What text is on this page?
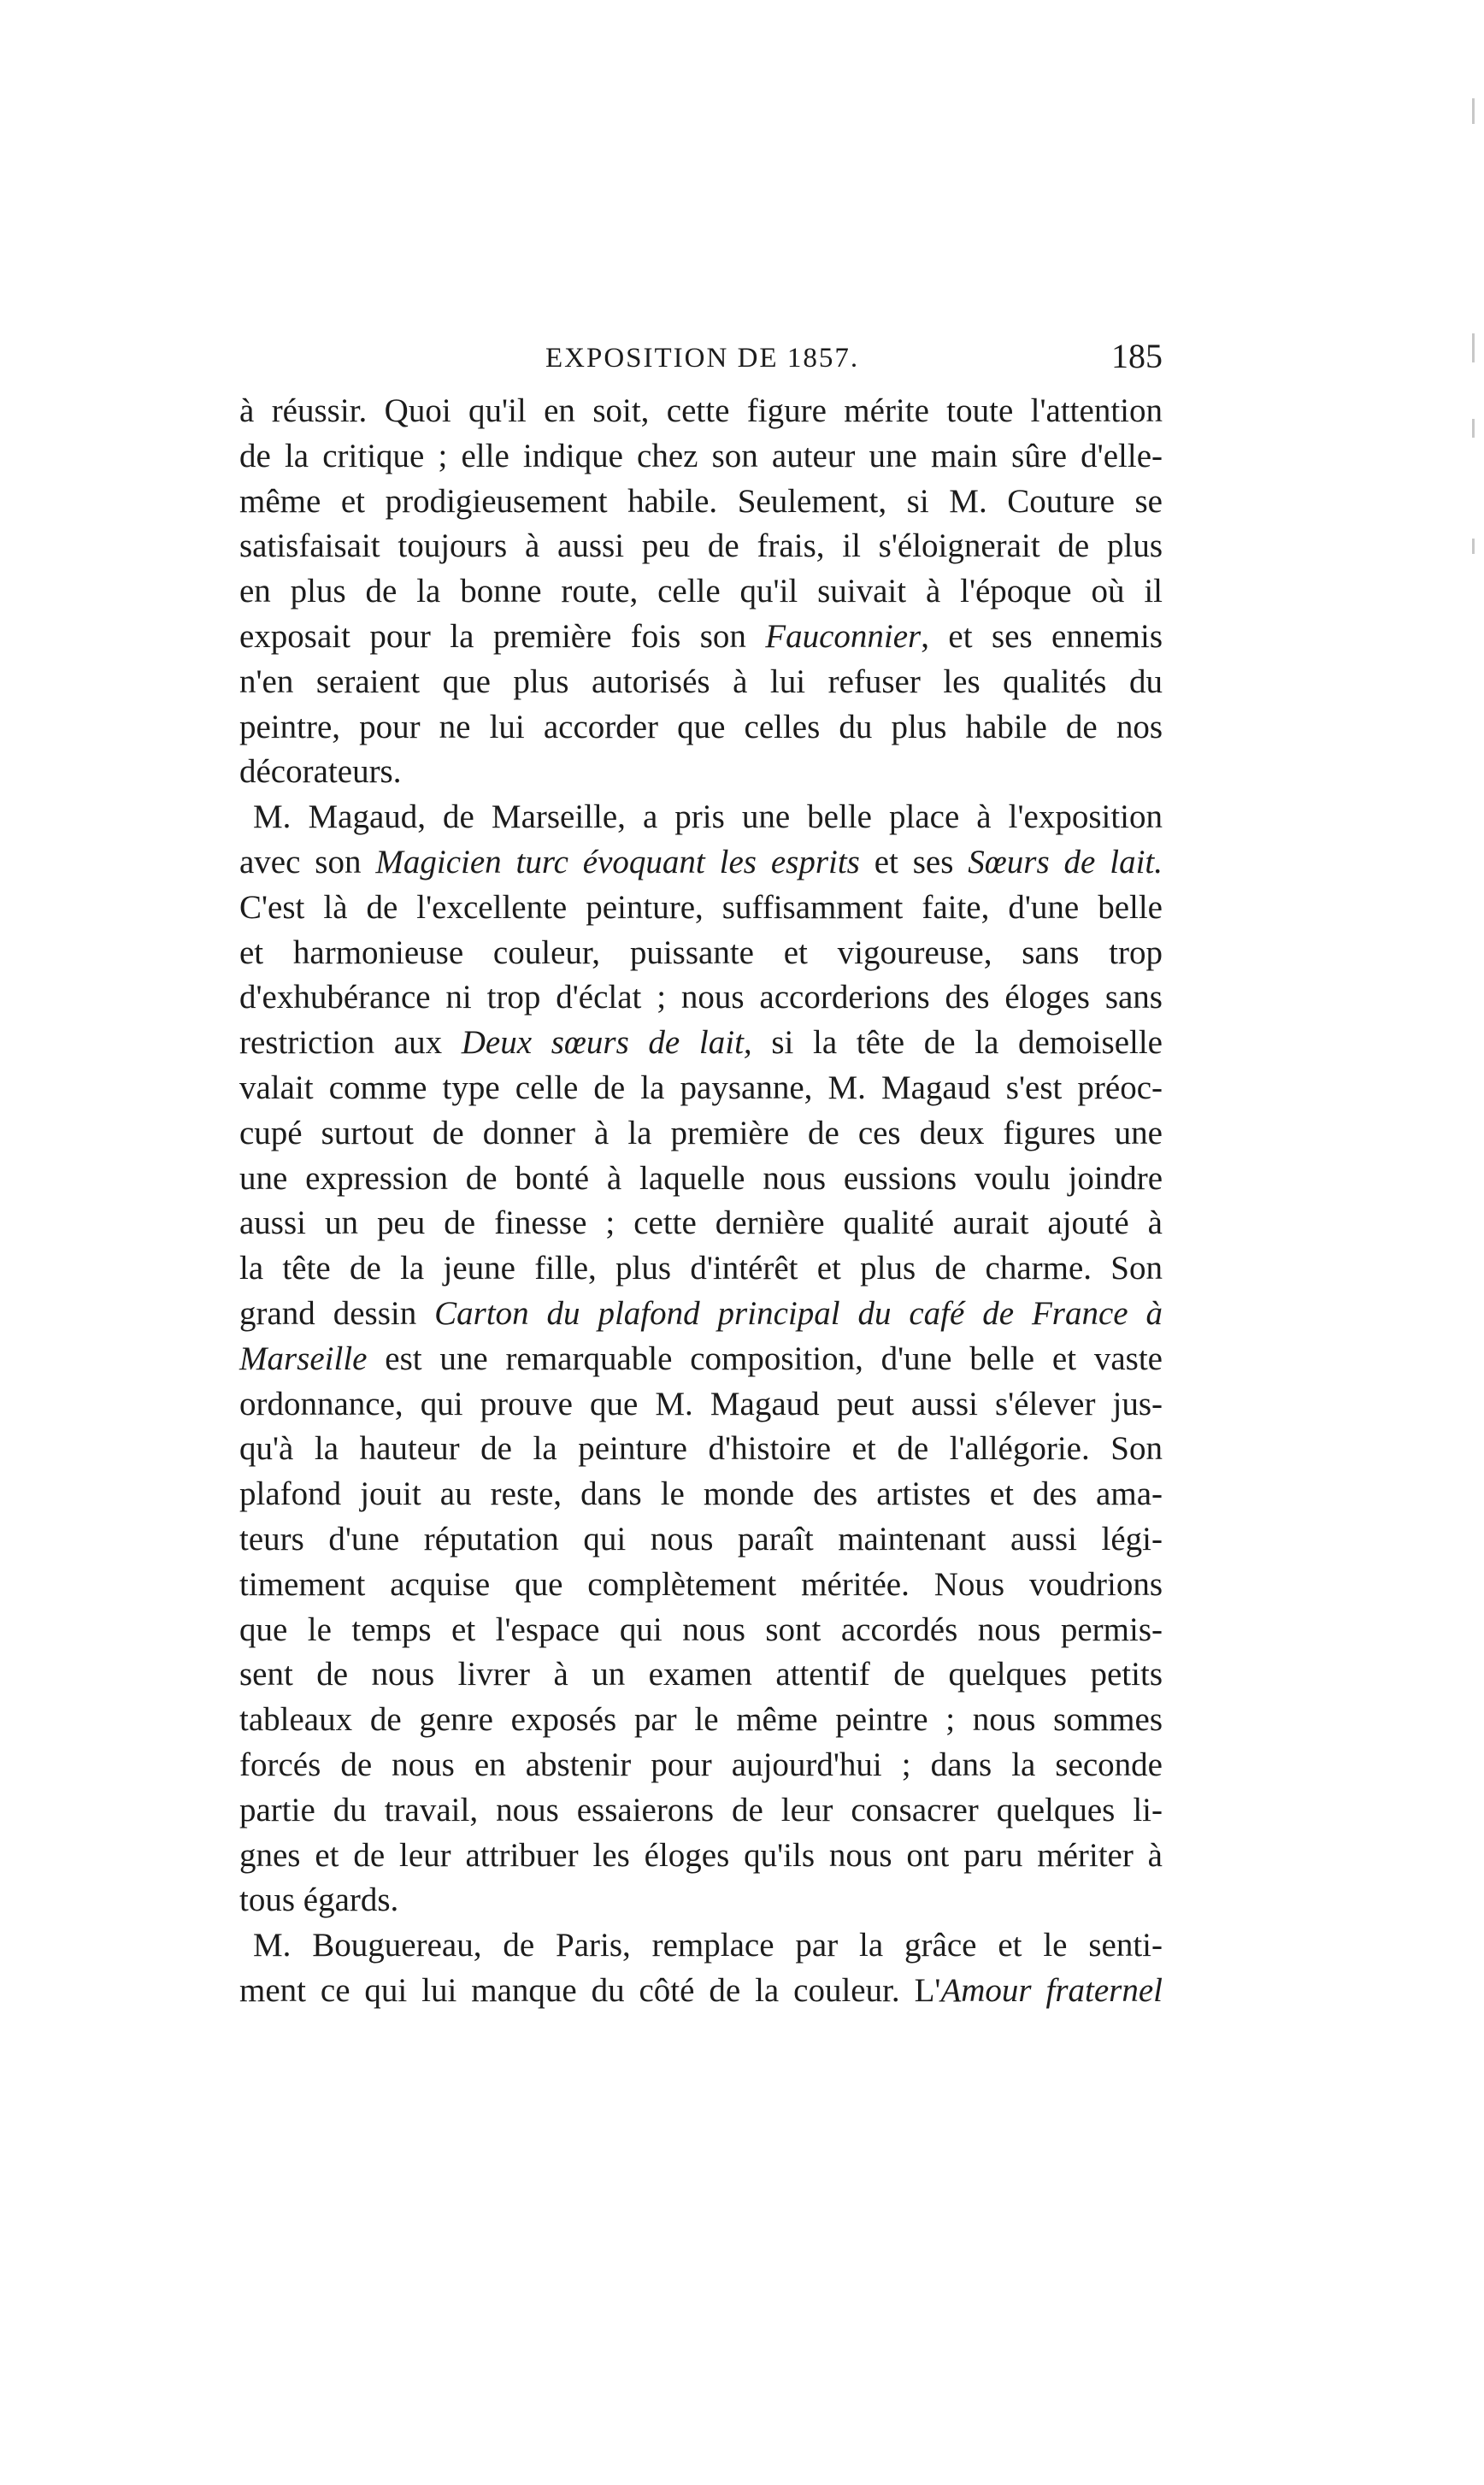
EXPOSITION DE 1857.	185
à réussir. Quoi qu'il en soit, cette figure mérite toute l'attention
de la critique ; elle indique chez son auteur une main sûre d'elle-
même et prodigieusement habile. Seulement, si M. Couture se
satisfaisait toujours à aussi peu de frais, il s'éloignerait de plus
en plus de la bonne route, celle qu'il suivait à l'époque où il
exposait pour la première fois son Fauconnier, et ses ennemis
n'en seraient que plus autorisés à lui refuser les qualités du
peintre, pour ne lui accorder que celles du plus habile de nos
décorateurs.
M. Magaud, de Marseille, a pris une belle place à l'exposition
avec son Magicien turc évoquant les esprits et ses Sœurs de lait.
C'est là de l'excellente peinture, suffisamment faite, d'une belle
et harmonieuse couleur, puissante et vigoureuse, sans trop
d'exhubérance ni trop d'éclat ; nous accorderions des éloges sans
restriction aux Deux sœurs de lait, si la tête de la demoiselle
valait comme type celle de la paysanne, M. Magaud s'est préoc-
cupé surtout de donner à la première de ces deux figures une
une expression de bonté à laquelle nous eussions voulu joindre
aussi un peu de finesse ; cette dernière qualité aurait ajouté à
la tête de la jeune fille, plus d'intérêt et plus de charme. Son
grand dessin Carton du plafond principal du café de France à
Marseille est une remarquable composition, d'une belle et vaste
ordonnance, qui prouve que M. Magaud peut aussi s'élever jus-
qu'à la hauteur de la peinture d'histoire et de l'allégorie. Son
plafond jouit au reste, dans le monde des artistes et des ama-
teurs d'une réputation qui nous paraît maintenant aussi légi-
timement acquise que complètement méritée. Nous voudrions
que le temps et l'espace qui nous sont accordés nous permis-
sent de nous livrer à un examen attentif de quelques petits
tableaux de genre exposés par le même peintre ; nous sommes
forcés de nous en abstenir pour aujourd'hui ; dans la seconde
partie du travail, nous essaierons de leur consacrer quelques li-
gnes et de leur attribuer les éloges qu'ils nous ont paru mériter à
tous égards.
M. Bouguereau, de Paris, remplace par la grâce et le senti-
ment ce qui lui manque du côté de la couleur. L'Amour fraternel
